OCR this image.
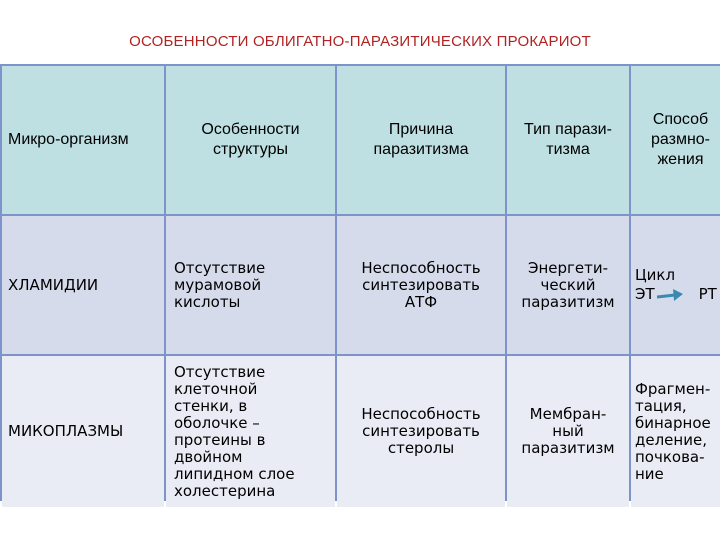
ОСОБЕННОСТИ ОБЛИГАТНО-ПАРАЗИТИЧЕСКИХ ПРОКАРИОТ
Микро-организм
Особенности структуры
Причина паразитизма
Тип парази-тизма
Способ размно-жения
ХЛАМИДИИ
Отсутствие мурамовой кислоты
Неспособность синтезировать АТФ
Энергети-ческий паразитизм
Цикл
ЭТ	РТ
МИКОПЛАЗМЫ
Отсутствие клеточной стенки, в оболочке – протеины в двойном липидном слое холестерина
Неспособность синтезировать стеролы
Мембран-ный паразитизм
Фрагмен-тация, бинарное деление, почкова-ние
